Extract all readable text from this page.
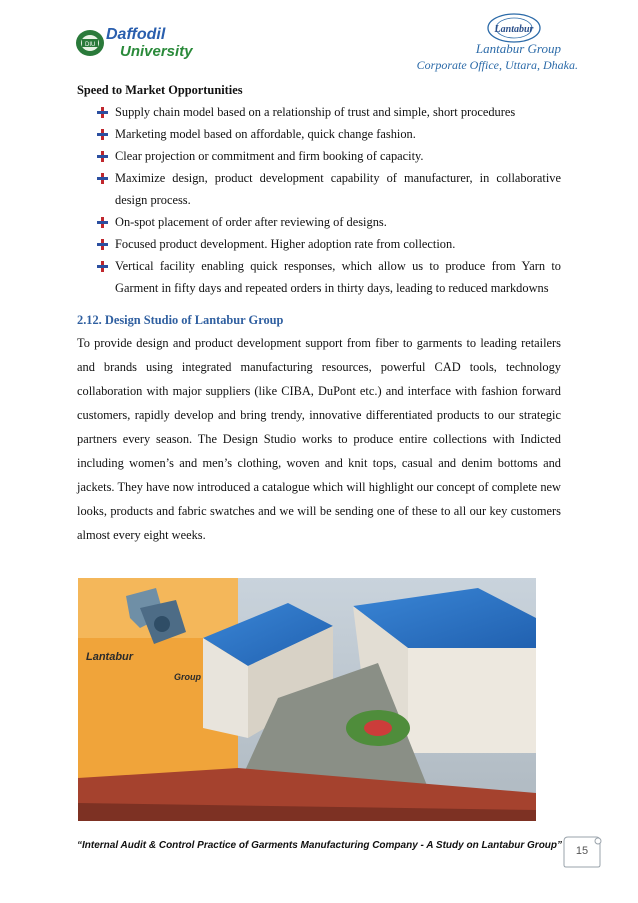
DIU
Daffodil
University
Lantabur
Lantabur Group
Corporate Office, Uttara, Dhaka.
Speed to Market Opportunities
Supply chain model based on a relationship of trust and simple, short procedures
Marketing model based on affordable, quick change fashion.
Clear projection or commitment and firm booking of capacity.
Maximize design, product development capability of manufacturer, in collaborative design process.
On-spot placement of order after reviewing of designs.
Focused product development. Higher adoption rate from collection.
Vertical facility enabling quick responses, which allow us to produce from Yarn to Garment in fifty days and repeated orders in thirty days, leading to reduced markdowns
2.12. Design Studio of Lantabur Group
To provide design and product development support from fiber to garments to leading retailers and brands using integrated manufacturing resources, powerful CAD tools, technology collaboration with major suppliers (like CIBA, DuPont etc.) and interface with fashion forward customers, rapidly develop and bring trendy, innovative differentiated products to our strategic partners every season. The Design Studio works to produce entire collections with Indicted including women’s and men’s clothing, woven and knit tops, casual and denim bottoms and jackets. They have now introduced a catalogue which will highlight our concept of complete new looks, products and fabric swatches and we will be sending one of these to all our key customers almost every eight weeks.
Lantabur
Group
“Internal Audit & Control Practice of Garments Manufacturing Company - A Study on Lantabur Group”	15
